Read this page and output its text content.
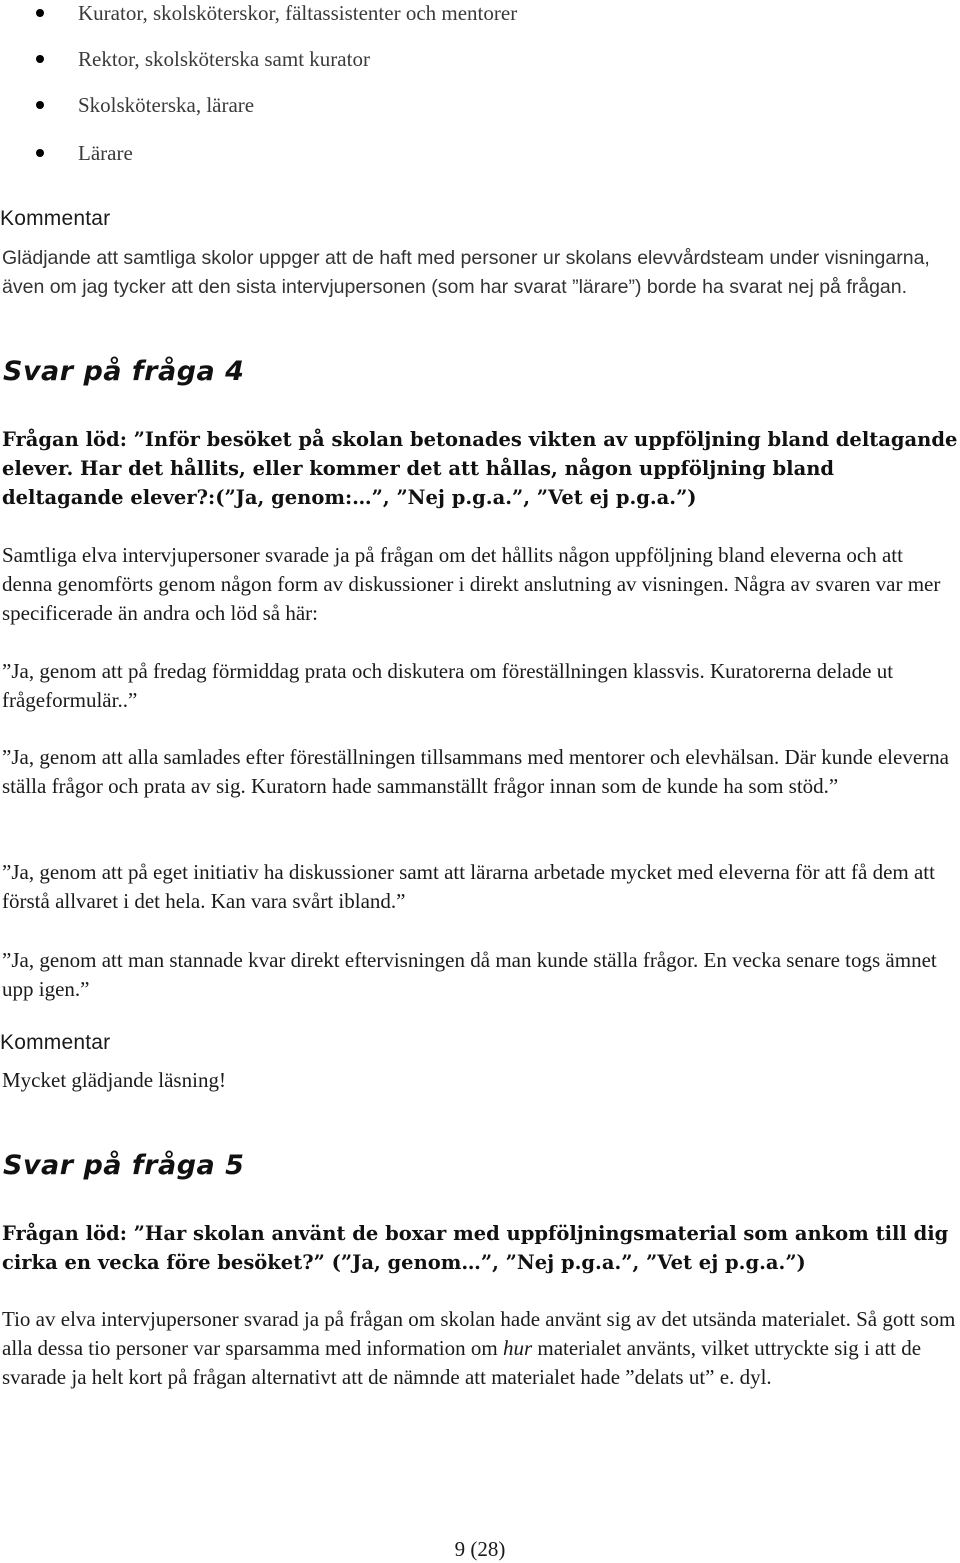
Kurator, skolsköterskor, fältassistenter och mentorer
Rektor, skolsköterska samt kurator
Skolsköterska, lärare
Lärare
Kommentar

Glädjande att samtliga skolor uppger att de haft med personer ur skolans elevvårdsteam under visningarna, även om jag tycker att den sista intervjupersonen (som har svarat ”lärare”) borde ha svarat nej på frågan.

Svar på fråga 4

Frågan löd: ”Inför besöket på skolan betonades vikten av uppföljning bland deltagande elever. Har det hållits, eller kommer det att hållas, någon uppföljning bland deltagande elever?:(”Ja, genom:…”, ”Nej p.g.a.”, ”Vet ej p.g.a.”)

Samtliga elva intervjupersoner svarade ja på frågan om det hållits någon uppföljning bland eleverna och att denna genomförts genom någon form av diskussioner i direkt anslutning av visningen. Några av svaren var mer specificerade än andra och löd så här:

”Ja, genom att på fredag förmiddag prata och diskutera om föreställningen klassvis. Kuratorerna delade ut frågeformulär..”

”Ja, genom att alla samlades efter föreställningen tillsammans med mentorer och elevhälsan. Där kunde eleverna ställa frågor och prata av sig. Kuratorn hade sammanställt frågor innan som de kunde ha som stöd.”

”Ja, genom att på eget initiativ ha diskussioner samt att lärarna arbetade mycket med eleverna för att få dem att förstå allvaret i det hela. Kan vara svårt ibland.”

”Ja, genom att man stannade kvar direkt eftervisningen då man kunde ställa frågor. En vecka senare togs ämnet upp igen.”

Kommentar

Mycket glädjande läsning!

Svar på fråga 5

Frågan löd: ”Har skolan använt de boxar med uppföljningsmaterial som ankom till dig cirka en vecka före besöket?” (”Ja, genom…”, ”Nej p.g.a.”, ”Vet ej p.g.a.”)

Tio av elva intervjupersoner svarad ja på frågan om skolan hade använt sig av det utsända materialet. Så gott som alla dessa tio personer var sparsamma med information om hur materialet använts, vilket uttryckte sig i att de svarade ja helt kort på frågan alternativt att de nämnde att materialet hade ”delats ut” e. dyl.

9 (28)
